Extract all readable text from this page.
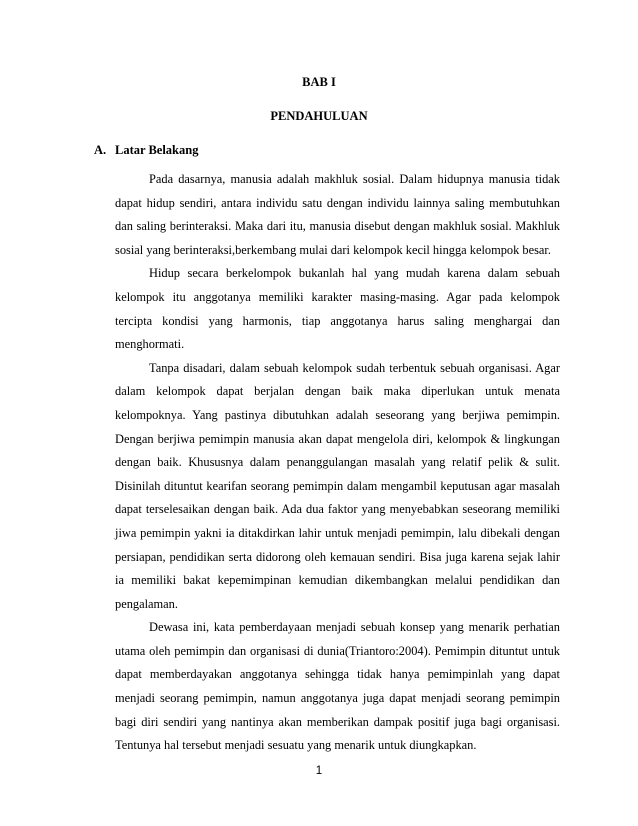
BAB I
PENDAHULUAN
A. Latar Belakang

Pada dasarnya, manusia adalah makhluk sosial. Dalam hidupnya manusia tidak dapat hidup sendiri, antara individu satu dengan individu lainnya saling membutuhkan dan saling berinteraksi. Maka dari itu, manusia disebut dengan makhluk sosial. Makhluk sosial yang berinteraksi,berkembang mulai dari kelompok kecil hingga kelompok besar.

Hidup secara berkelompok bukanlah hal yang mudah karena dalam sebuah kelompok itu anggotanya memiliki karakter masing-masing. Agar pada kelompok tercipta kondisi yang harmonis, tiap anggotanya harus saling menghargai dan menghormati.

Tanpa disadari, dalam sebuah kelompok sudah terbentuk sebuah organisasi. Agar dalam kelompok dapat berjalan dengan baik maka diperlukan untuk menata kelompoknya. Yang pastinya dibutuhkan adalah seseorang yang berjiwa pemimpin. Dengan berjiwa pemimpin manusia akan dapat mengelola diri, kelompok & lingkungan dengan baik. Khususnya dalam penanggulangan masalah yang relatif pelik & sulit. Disinilah dituntut kearifan seorang pemimpin dalam mengambil keputusan agar masalah dapat terselesaikan dengan baik. Ada dua faktor yang menyebabkan seseorang memiliki jiwa pemimpin yakni ia ditakdirkan lahir untuk menjadi pemimpin, lalu dibekali dengan persiapan, pendidikan serta didorong oleh kemauan sendiri. Bisa juga karena sejak lahir ia memiliki bakat kepemimpinan kemudian dikembangkan melalui pendidikan dan pengalaman.

Dewasa ini, kata pemberdayaan menjadi sebuah konsep yang menarik perhatian utama oleh pemimpin dan organisasi di dunia(Triantoro:2004). Pemimpin dituntut untuk dapat memberdayakan anggotanya sehingga tidak hanya pemimpinlah yang dapat menjadi seorang pemimpin, namun anggotanya juga dapat menjadi seorang pemimpin bagi diri sendiri yang nantinya akan memberikan dampak positif juga bagi organisasi. Tentunya hal tersebut menjadi sesuatu yang menarik untuk diungkapkan.

1
